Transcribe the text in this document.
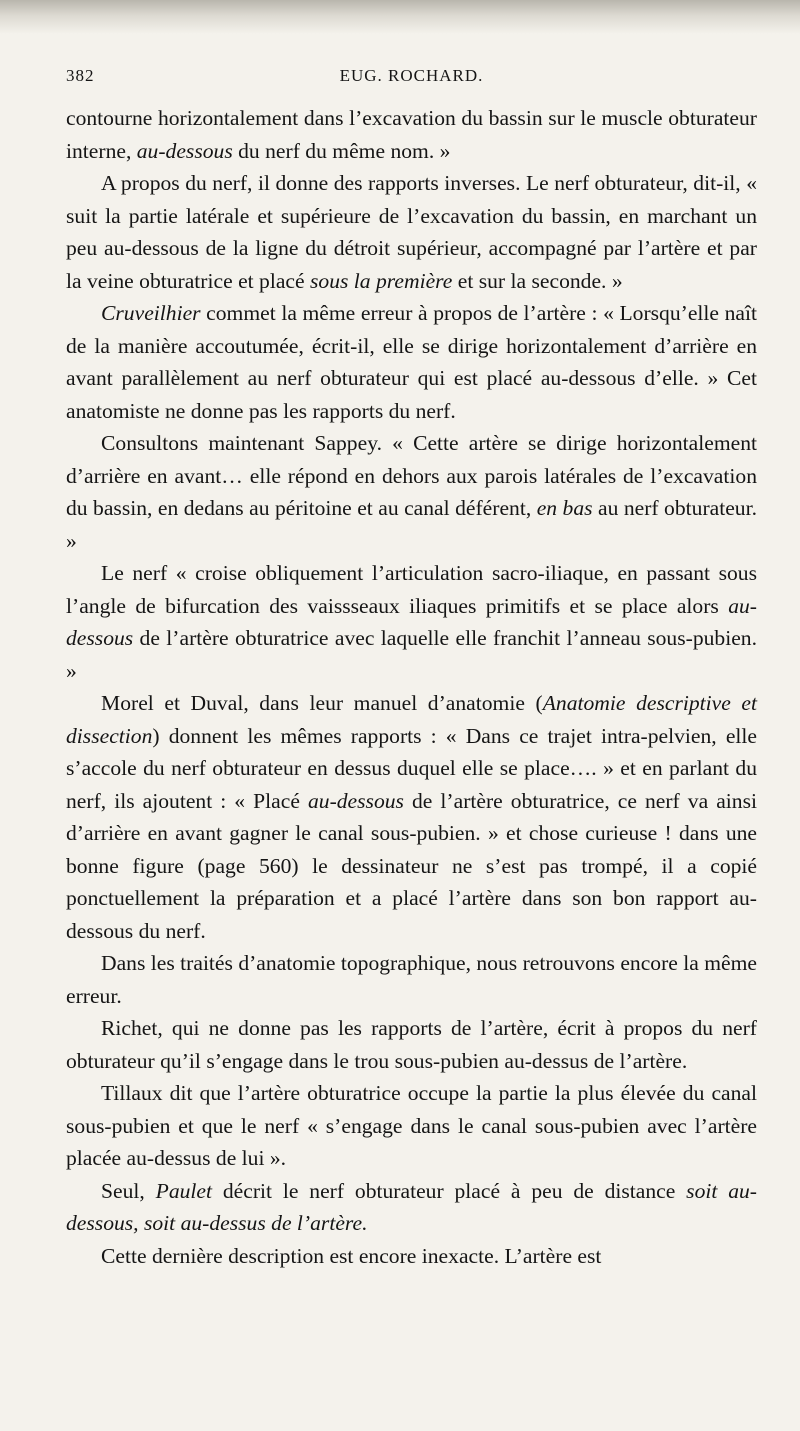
382	EUG. ROCHARD.

contourne horizontalement dans l’excavation du bassin sur le muscle obturateur interne, au-dessous du nerf du même nom. »

A propos du nerf, il donne des rapports inverses. Le nerf obturateur, dit-il, « suit la partie latérale et supérieure de l’excavation du bassin, en marchant un peu au-dessous de la ligne du détroit supérieur, accompagné par l’artère et par la veine obturatrice et placé sous la première et sur la seconde. »

Cruveilhier commet la même erreur à propos de l’artère : « Lorsqu’elle naît de la manière accoutumée, écrit-il, elle se dirige horizontalement d’arrière en avant parallèlement au nerf obturateur qui est placé au-dessous d’elle. » Cet anatomiste ne donne pas les rapports du nerf.

Consultons maintenant Sappey. « Cette artère se dirige horizontalement d’arrière en avant… elle répond en dehors aux parois latérales de l’excavation du bassin, en dedans au péritoine et au canal déférent, en bas au nerf obturateur. »

Le nerf « croise obliquement l’articulation sacro-iliaque, en passant sous l’angle de bifurcation des vaissseaux iliaques primitifs et se place alors au-dessous de l’artère obturatrice avec laquelle elle franchit l’anneau sous-pubien. »

Morel et Duval, dans leur manuel d’anatomie (Anatomie descriptive et dissection) donnent les mêmes rapports : « Dans ce trajet intra-pelvien, elle s’accole du nerf obturateur en dessus duquel elle se place…. » et en parlant du nerf, ils ajoutent : « Placé au-dessous de l’artère obturatrice, ce nerf va ainsi d’arrière en avant gagner le canal sous-pubien. » et chose curieuse ! dans une bonne figure (page 560) le dessinateur ne s’est pas trompé, il a copié ponctuellement la préparation et a placé l’artère dans son bon rapport au-dessous du nerf.

Dans les traités d’anatomie topographique, nous retrouvons encore la même erreur.

Richet, qui ne donne pas les rapports de l’artère, écrit à propos du nerf obturateur qu’il s’engage dans le trou sous-pubien au-dessus de l’artère.

Tillaux dit que l’artère obturatrice occupe la partie la plus élevée du canal sous-pubien et que le nerf « s’engage dans le canal sous-pubien avec l’artère placée au-dessus de lui ».

Seul, Paulet décrit le nerf obturateur placé à peu de distance soit au-dessous, soit au-dessus de l’artère.

Cette dernière description est encore inexacte. L’artère est
